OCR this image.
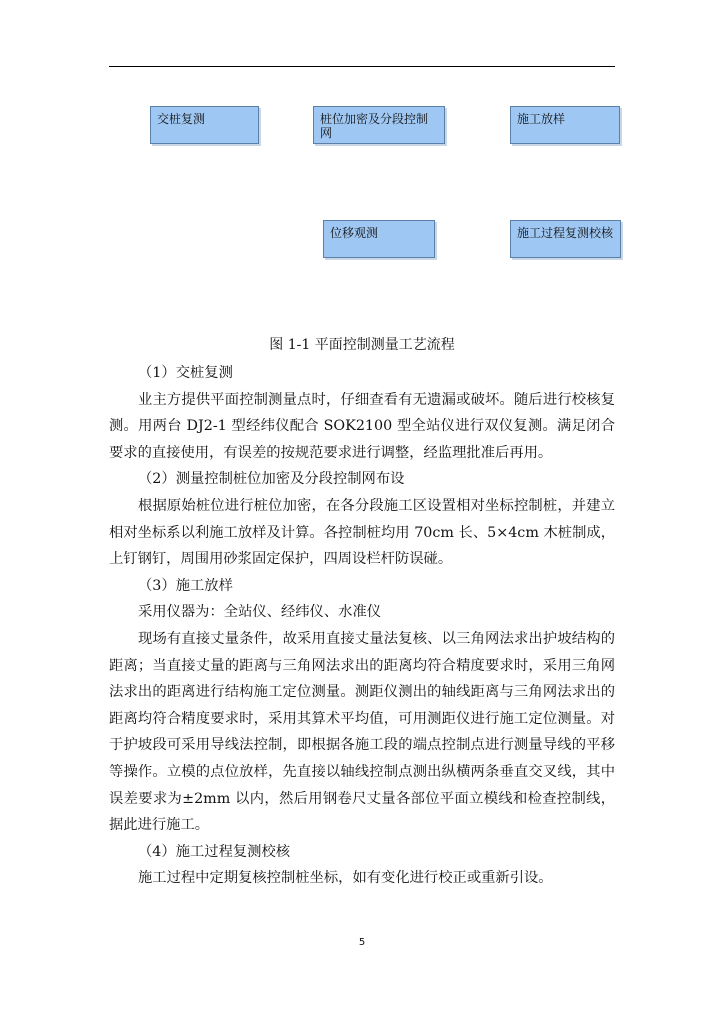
交桩复测	桩位加密及分段控制网
施工放样
位移观测	施工过程复测校核
图 1-1 平面控制测量工艺流程

（1）交桩复测

业主方提供平面控制测量点时，仔细查看有无遗漏或破坏。随后进行校核复测。用两台 DJ2-1 型经纬仪配合 SOK2100 型全站仪进行双仪复测。满足闭合要求的直接使用，有误差的按规范要求进行调整，经监理批准后再用。

（2）测量控制桩位加密及分段控制网布设

根据原始桩位进行桩位加密，在各分段施工区设置相对坐标控制桩，并建立相对坐标系以利施工放样及计算。各控制桩均用 70cm 长、5×4cm 木桩制成，上钉钢钉，周围用砂浆固定保护，四周设栏杆防误碰。

（3）施工放样

采用仪器为：全站仪、经纬仪、水准仪

现场有直接丈量条件，故采用直接丈量法复核、以三角网法求出护坡结构的距离；当直接丈量的距离与三角网法求出的距离均符合精度要求时，采用三角网法求出的距离进行结构施工定位测量。测距仪测出的轴线距离与三角网法求出的距离均符合精度要求时，采用其算术平均值，可用测距仪进行施工定位测量。对于护坡段可采用导线法控制，即根据各施工段的端点控制点进行测量导线的平移等操作。立模的点位放样，先直接以轴线控制点测出纵横两条垂直交叉线，其中误差要求为±2mm 以内，然后用钢卷尺丈量各部位平面立模线和检查控制线，据此进行施工。

（4）施工过程复测校核

施工过程中定期复核控制桩坐标，如有变化进行校正或重新引设。

5
